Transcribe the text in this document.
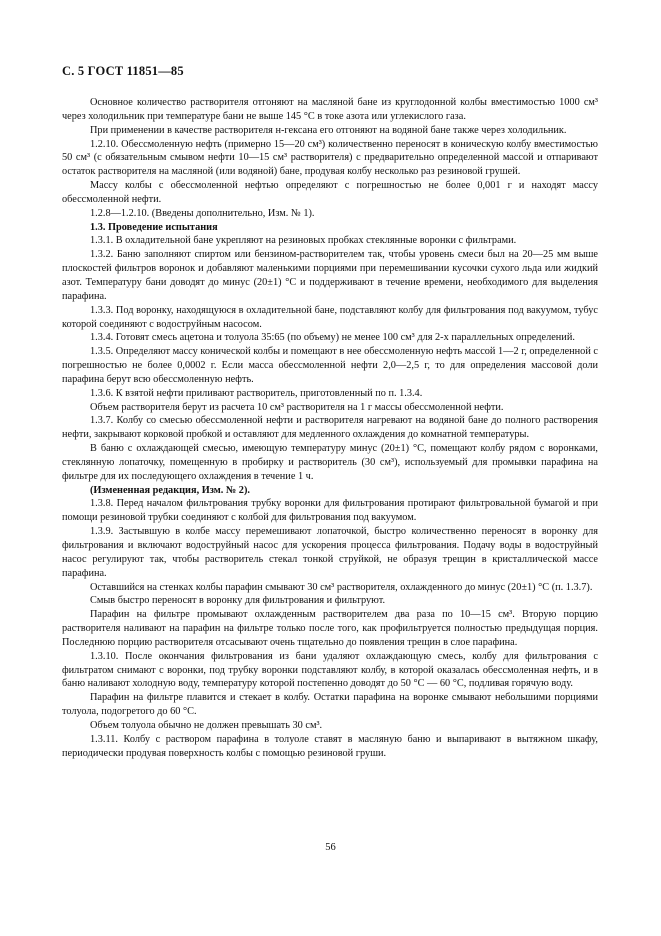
С. 5 ГОСТ 11851—85

Основное количество растворителя отгоняют на масляной бане из круглодонной колбы вместимостью 1000 см³ через холодильник при температуре бани не выше 145 °С в токе азота или углекислого газа.

При применении в качестве растворителя н-гексана его отгоняют на водяной бане также через холодильник.

1.2.10. Обессмоленную нефть (примерно 15—20 см³) количественно переносят в коническую колбу вместимостью 50 см³ (с обязательным смывом нефти 10—15 см³ растворителя) с предварительно определенной массой и отпаривают остаток растворителя на масляной (или водяной) бане, продувая колбу несколько раз резиновой грушей.

Массу колбы с обессмоленной нефтью определяют с погрешностью не более 0,001 г и находят массу обессмоленной нефти.

1.2.8—1.2.10. (Введены дополнительно, Изм. № 1).

1.3. Проведение испытания

1.3.1. В охладительной бане укрепляют на резиновых пробках стеклянные воронки с фильтрами.

1.3.2. Баню заполняют спиртом или бензином-растворителем так, чтобы уровень смеси был на 20—25 мм выше плоскостей фильтров воронок и добавляют маленькими порциями при перемешивании кусочки сухого льда или жидкий азот. Температуру бани доводят до минус (20±1) °С и поддерживают в течение времени, необходимого для выделения парафина.

1.3.3. Под воронку, находящуюся в охладительной бане, подставляют колбу для фильтрования под вакуумом, тубус которой соединяют с водоструйным насосом.

1.3.4. Готовят смесь ацетона и толуола 35:65 (по объему) не менее 100 см³ для 2-х параллельных определений.

1.3.5. Определяют массу конической колбы и помещают в нее обессмоленную нефть массой 1—2 г, определенной с погрешностью не более 0,0002 г. Если масса обессмоленной нефти 2,0—2,5 г, то для определения массовой доли парафина берут всю обессмоленную нефть.

1.3.6. К взятой нефти приливают растворитель, приготовленный по п. 1.3.4.

Объем растворителя берут из расчета 10 см³ растворителя на 1 г массы обессмоленной нефти.

1.3.7. Колбу со смесью обессмоленной нефти и растворителя нагревают на водяной бане до полного растворения нефти, закрывают корковой пробкой и оставляют для медленного охлаждения до комнатной температуры.

В баню с охлаждающей смесью, имеющую температуру минус (20±1) °С, помещают колбу рядом с воронками, стеклянную лопаточку, помещенную в пробирку и растворитель (30 см³), используемый для промывки парафина на фильтре для их последующего охлаждения в течение 1 ч.

(Измененная редакция, Изм. № 2).

1.3.8. Перед началом фильтрования трубку воронки для фильтрования протирают фильтровальной бумагой и при помощи резиновой трубки соединяют с колбой для фильтрования под вакуумом.

1.3.9. Застывшую в колбе массу перемешивают лопаточкой, быстро количественно переносят в воронку для фильтрования и включают водоструйный насос для ускорения процесса фильтрования. Подачу воды в водоструйный насос регулируют так, чтобы растворитель стекал тонкой струйкой, не образуя трещин в кристаллической массе парафина.

Оставшийся на стенках колбы парафин смывают 30 см³ растворителя, охлажденного до минус (20±1) °С (п. 1.3.7).

Смыв быстро переносят в воронку для фильтрования и фильтруют.

Парафин на фильтре промывают охлажденным растворителем два раза по 10—15 см³. Вторую порцию растворителя наливают на парафин на фильтре только после того, как профильтруется полностью предыдущая порция. Последнюю порцию растворителя отсасывают очень тщательно до появления трещин в слое парафина.

1.3.10. После окончания фильтрования из бани удаляют охлаждающую смесь, колбу для фильтрования с фильтратом снимают с воронки, под трубку воронки подставляют колбу, в которой оказалась обессмоленная нефть, и в баню наливают холодную воду, температуру которой постепенно доводят до 50 °С — 60 °С, подливая горячую воду.

Парафин на фильтре плавится и стекает в колбу. Остатки парафина на воронке смывают небольшими порциями толуола, подогретого до 60 °С.

Объем толуола обычно не должен превышать 30 см³.

1.3.11. Колбу с раствором парафина в толуоле ставят в масляную баню и выпаривают в вытяжном шкафу, периодически продувая поверхность колбы с помощью резиновой груши.

56
